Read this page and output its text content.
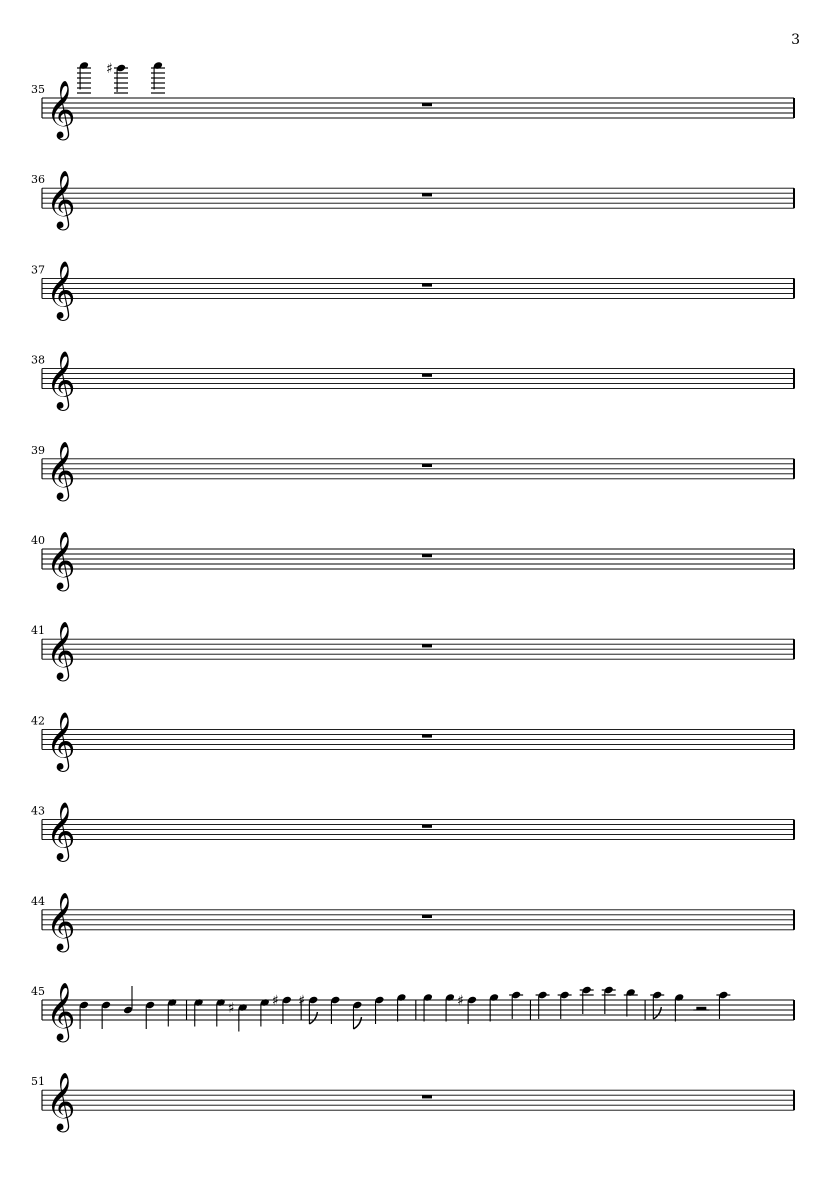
3
𝄞
35
♯
𝄞
36
𝄞
37
𝄞
38
𝄞
39
𝄞
40
𝄞
41
𝄞
42
𝄞
43
𝄞
44
𝄞
45
♯	♯ ♯	♯
𝄞
51
